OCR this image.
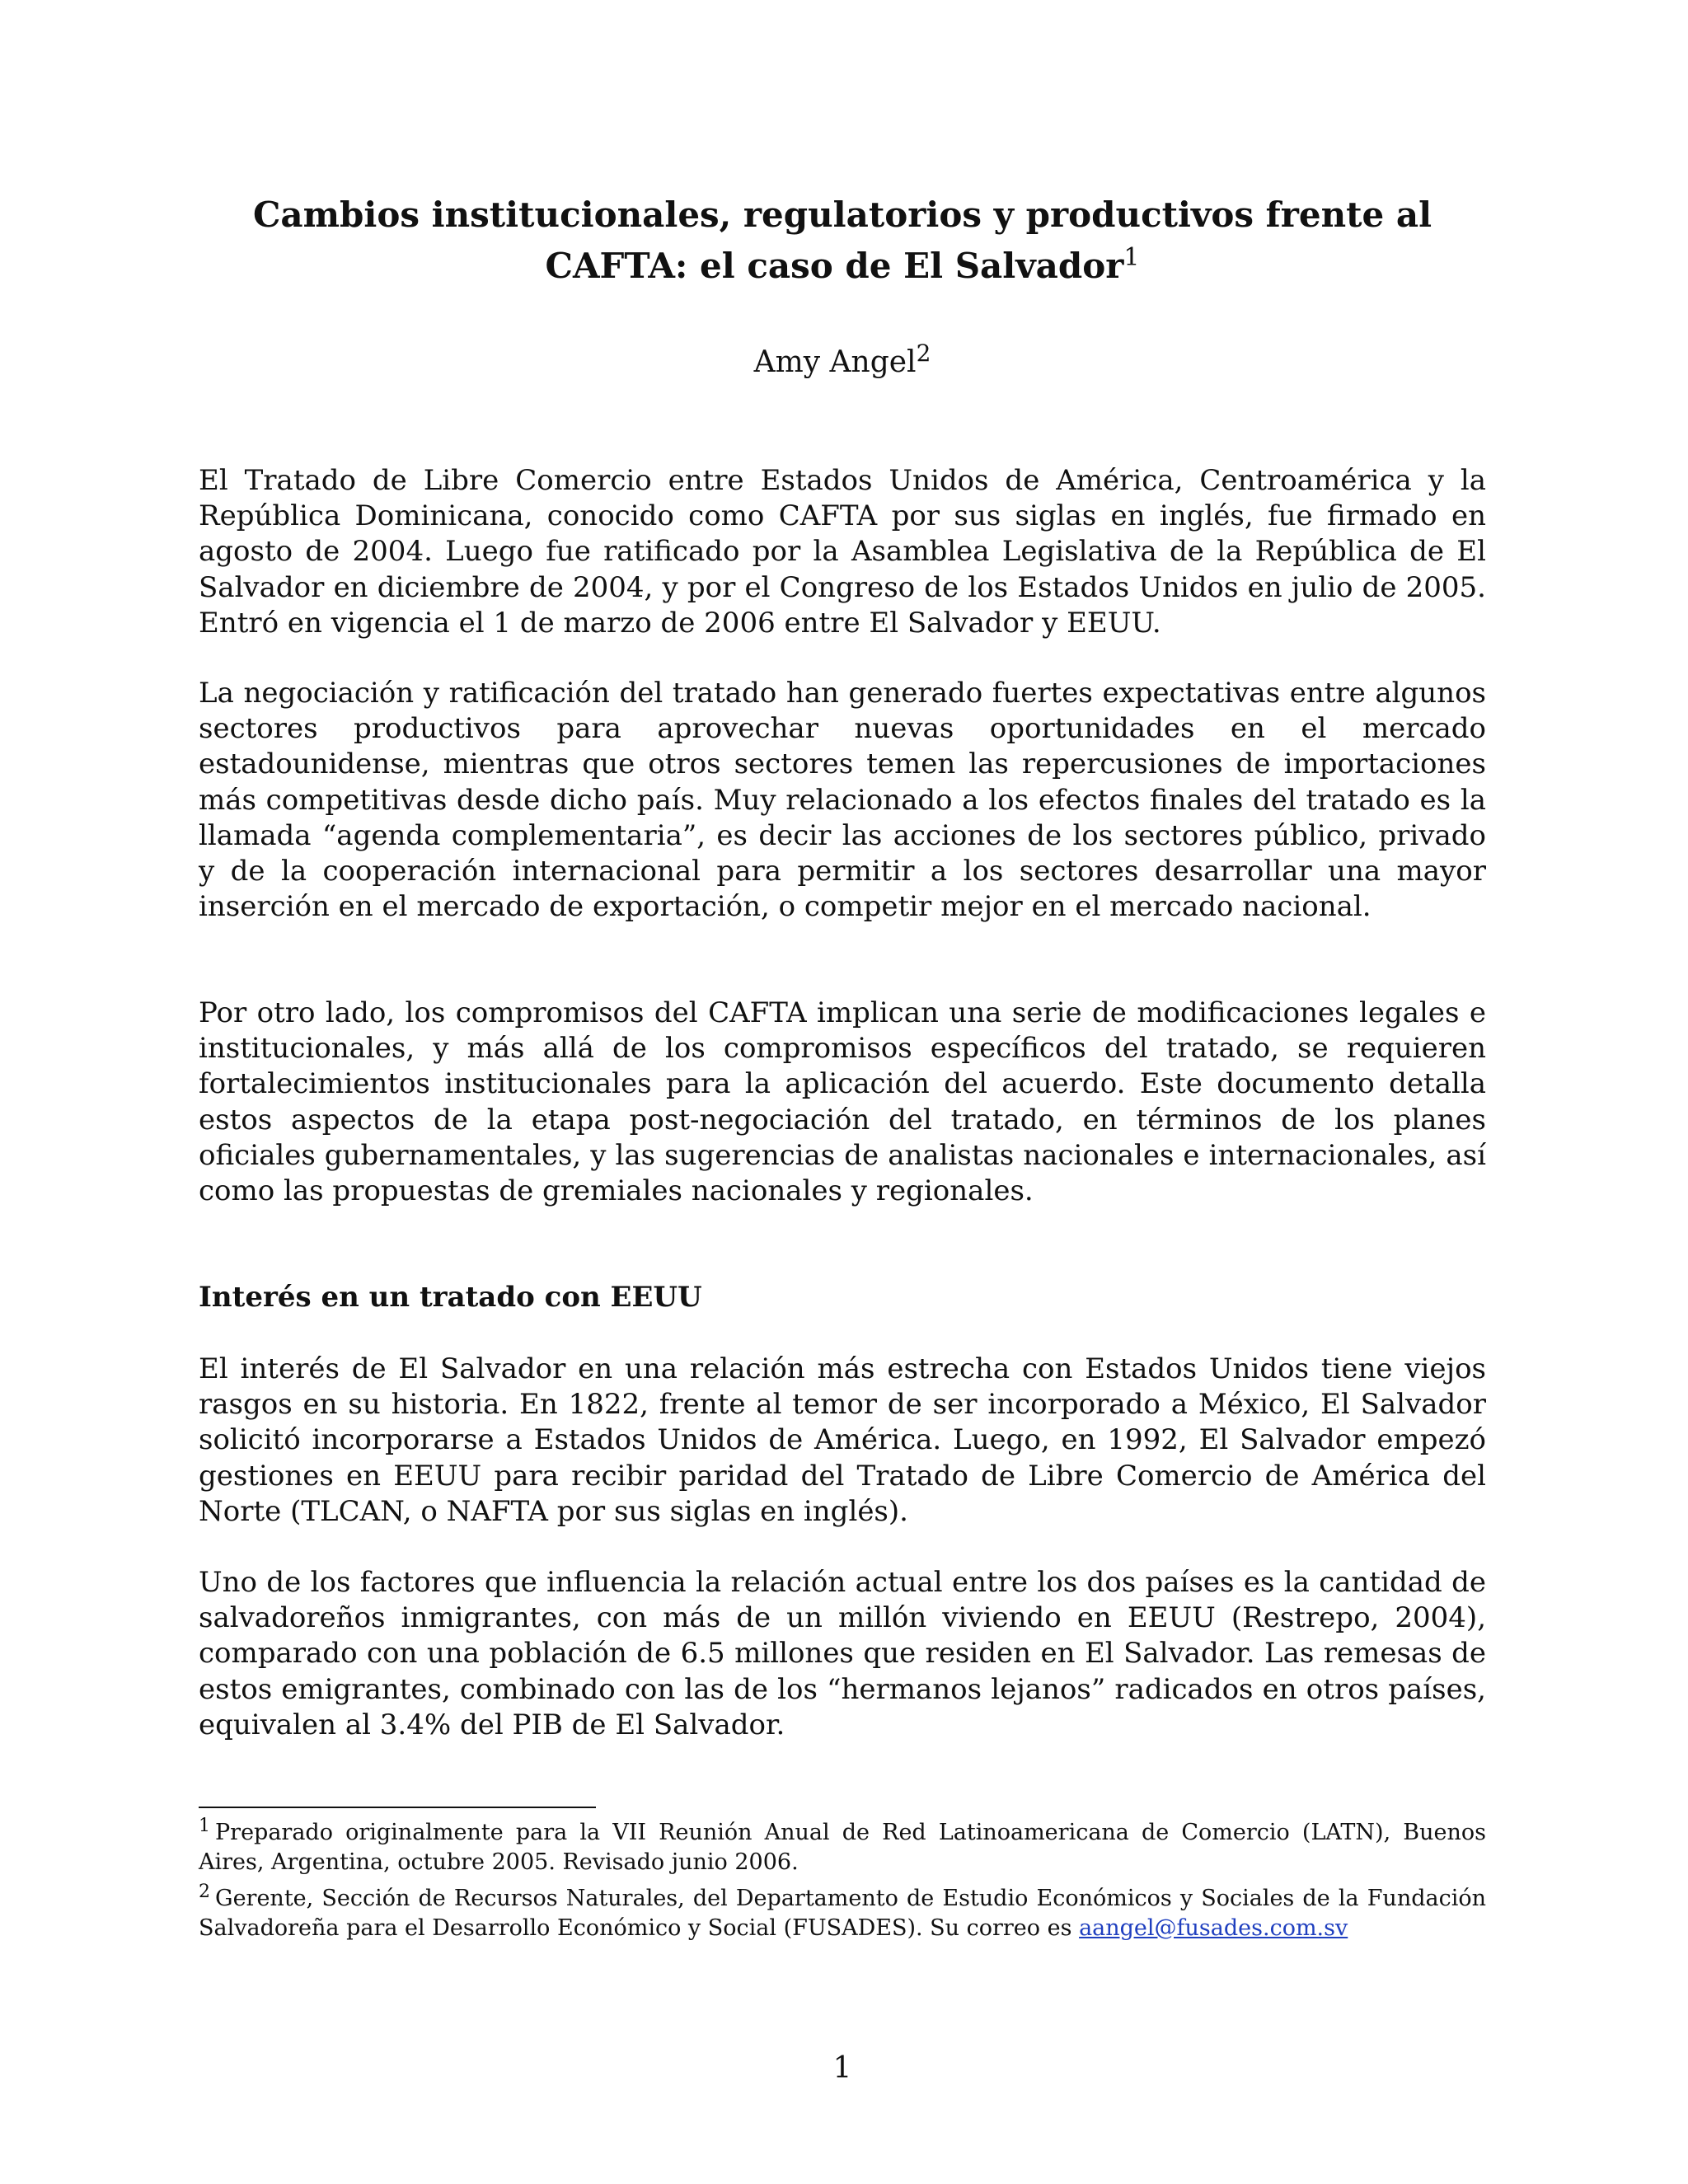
Cambios institucionales, regulatorios y productivos frente al
CAFTA: el caso de El Salvador$^1$

Amy Angel$^2$

El Tratado de Libre Comercio entre Estados Unidos de América, Centroamérica y la República Dominicana, conocido como CAFTA por sus siglas en inglés, fue firmado en agosto de 2004. Luego fue ratificado por la Asamblea Legislativa de la República de El Salvador en diciembre de 2004, y por el Congreso de los Estados Unidos en julio de 2005. Entró en vigencia el 1 de marzo de 2006 entre El Salvador y EEUU.

La negociación y ratificación del tratado han generado fuertes expectativas entre algunos sectores productivos para aprovechar nuevas oportunidades en el mercado estadounidense, mientras que otros sectores temen las repercusiones de importaciones más competitivas desde dicho país. Muy relacionado a los efectos finales del tratado es la llamada “agenda complementaria”, es decir las acciones de los sectores público, privado y de la cooperación internacional para permitir a los sectores desarrollar una mayor inserción en el mercado de exportación, o competir mejor en el mercado nacional.

Por otro lado, los compromisos del CAFTA implican una serie de modificaciones legales e institucionales, y más allá de los compromisos específicos del tratado, se requieren fortalecimientos institucionales para la aplicación del acuerdo. Este documento detalla estos aspectos de la etapa post-negociación del tratado, en términos de los planes oficiales gubernamentales, y las sugerencias de analistas nacionales e internacionales, así como las propuestas de gremiales nacionales y regionales.

Interés en un tratado con EEUU

El interés de El Salvador en una relación más estrecha con Estados Unidos tiene viejos rasgos en su historia. En 1822, frente al temor de ser incorporado a México, El Salvador solicitó incorporarse a Estados Unidos de América. Luego, en 1992, El Salvador empezó gestiones en EEUU para recibir paridad del Tratado de Libre Comercio de América del Norte (TLCAN, o NAFTA por sus siglas en inglés).

Uno de los factores que influencia la relación actual entre los dos países es la cantidad de salvadoreños inmigrantes, con más de un millón viviendo en EEUU (Restrepo, 2004), comparado con una población de 6.5 millones que residen en El Salvador. Las remesas de estos emigrantes, combinado con las de los “hermanos lejanos” radicados en otros países, equivalen al 3.4% del PIB de El Salvador.

$^1$ Preparado originalmente para la VII Reunión Anual de Red Latinoamericana de Comercio (LATN), Buenos Aires, Argentina, octubre 2005. Revisado junio 2006.

$^2$ Gerente, Sección de Recursos Naturales, del Departamento de Estudio Económicos y Sociales de la Fundación Salvadoreña para el Desarrollo Económico y Social (FUSADES). Su correo es aangel@fusades.com.sv

1
